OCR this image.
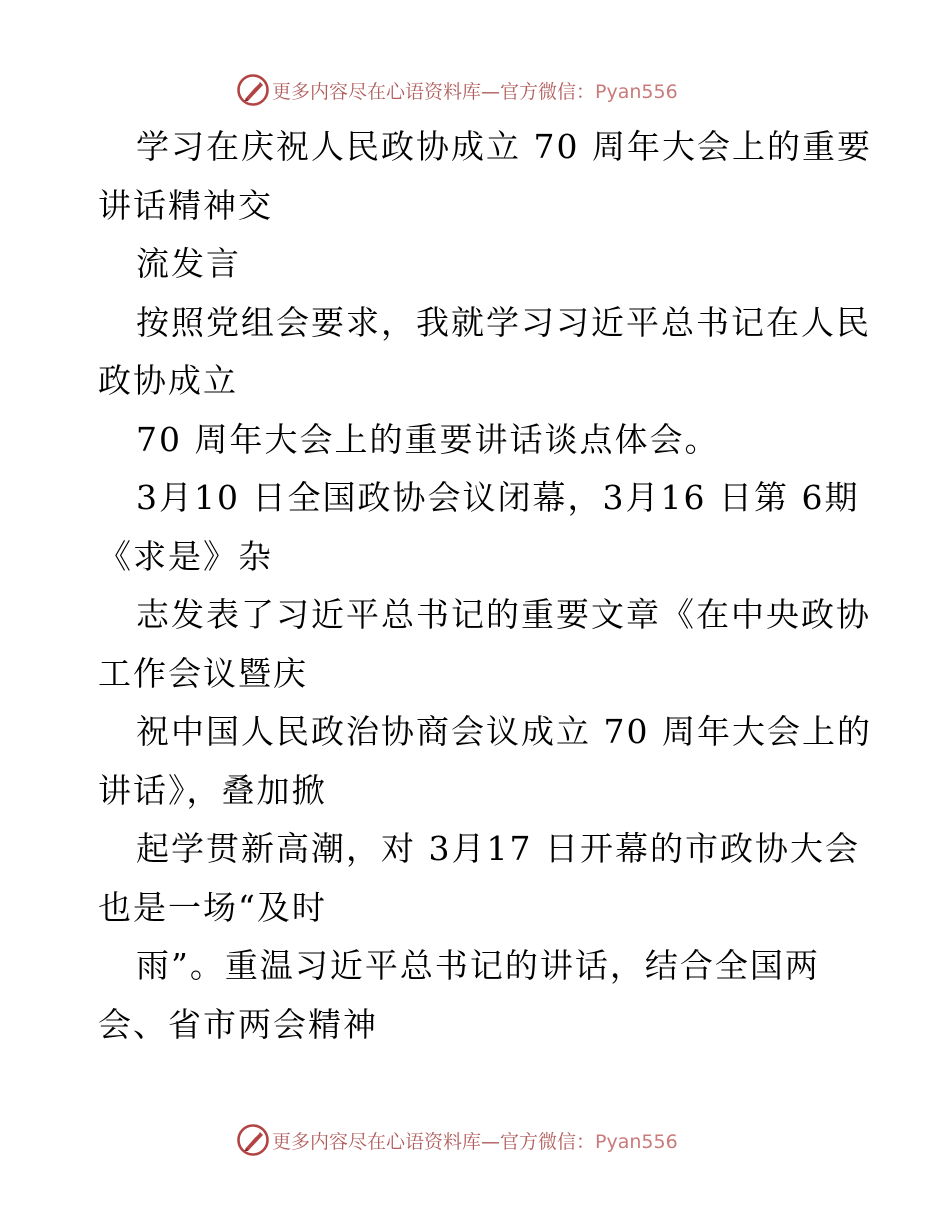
更多内容尽在心语资料库—官方微信：Pyan556
学习在庆祝人民政协成立 70 周年大会上的重要
讲话精神交
流发言
按照党组会要求，我就学习习近平总书记在人民
政协成立
70 周年大会上的重要讲话谈点体会。
3月10 日全国政协会议闭幕，3月16 日第 6期
《求是》杂
志发表了习近平总书记的重要文章《在中央政协
工作会议暨庆
祝中国人民政治协商会议成立 70 周年大会上的
讲话》，叠加掀
起学贯新高潮，对 3月17 日开幕的市政协大会
也是一场“及时
雨”。重温习近平总书记的讲话，结合全国两
会、省市两会精神
更多内容尽在心语资料库—官方微信：Pyan556
